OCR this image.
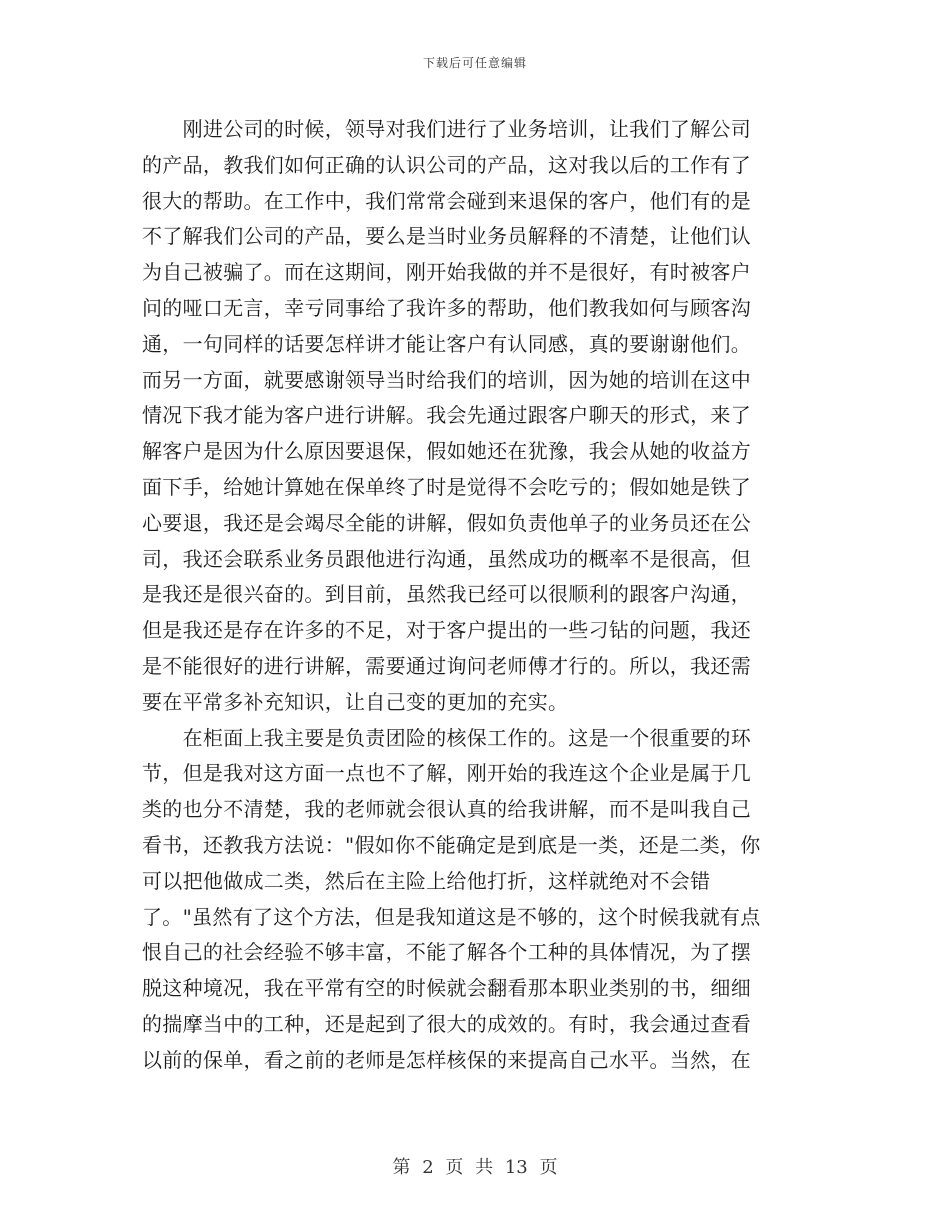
下载后可任意编辑
　　刚进公司的时候，领导对我们进行了业务培训，让我们了解公司
的产品，教我们如何正确的认识公司的产品，这对我以后的工作有了
很大的帮助。在工作中，我们常常会碰到来退保的客户，他们有的是
不了解我们公司的产品，要么是当时业务员解释的不清楚，让他们认
为自己被骗了。而在这期间，刚开始我做的并不是很好，有时被客户
问的哑口无言，幸亏同事给了我许多的帮助，他们教我如何与顾客沟
通，一句同样的话要怎样讲才能让客户有认同感，真的要谢谢他们。
而另一方面，就要感谢领导当时给我们的培训，因为她的培训在这中
情况下我才能为客户进行讲解。我会先通过跟客户聊天的形式，来了
解客户是因为什么原因要退保，假如她还在犹豫，我会从她的收益方
面下手，给她计算她在保单终了时是觉得不会吃亏的；假如她是铁了
心要退，我还是会竭尽全能的讲解，假如负责他单子的业务员还在公
司，我还会联系业务员跟他进行沟通，虽然成功的概率不是很高，但
是我还是很兴奋的。到目前，虽然我已经可以很顺利的跟客户沟通，
但是我还是存在许多的不足，对于客户提出的一些刁钻的问题，我还
是不能很好的进行讲解，需要通过询问老师傅才行的。所以，我还需
要在平常多补充知识，让自己变的更加的充实。
　　在柜面上我主要是负责团险的核保工作的。这是一个很重要的环
节，但是我对这方面一点也不了解，刚开始的我连这个企业是属于几
类的也分不清楚，我的老师就会很认真的给我讲解，而不是叫我自己
看书，还教我方法说："假如你不能确定是到底是一类，还是二类，你
可以把他做成二类，然后在主险上给他打折，这样就绝对不会错
了。"虽然有了这个方法，但是我知道这是不够的，这个时候我就有点
恨自己的社会经验不够丰富，不能了解各个工种的具体情况，为了摆
脱这种境况，我在平常有空的时候就会翻看那本职业类别的书，细细
的揣摩当中的工种，还是起到了很大的成效的。有时，我会通过查看
以前的保单，看之前的老师是怎样核保的来提高自己水平。当然，在
第 2 页 共 13 页
